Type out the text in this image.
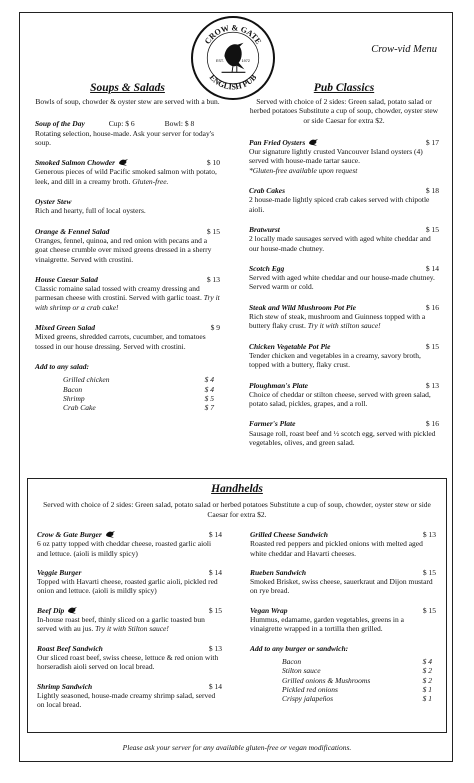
CROW & GATE
ENGLISH PUB
EST.	1972
Crow-vid Menu
Soups & Salads
Bowls of soup, chowder & oyster stew are served with a bun.
Soup of the Day	Cup: $ 6	Bowl: $ 8
Rotating selection, house-made. Ask your server for today's soup.
Smoked Salmon Chowder	$ 10
Generous pieces of wild Pacific smoked salmon with potato, leek, and dill in a creamy broth. Gluten-free.
Oyster Stew
Rich and hearty, full of local oysters.
Orange & Fennel Salad	$ 15
Oranges, fennel, quinoa, and red onion with pecans and a goat cheese crumble over mixed greens dressed in a sherry vinaigrette. Served with crostini.
House Caesar Salad	$ 13
Classic romaine salad tossed with creamy dressing and parmesan cheese with crostini. Served with garlic toast. Try it with shrimp or a crab cake!
Mixed Green Salad	$ 9
Mixed greens, shredded carrots, cucumber, and tomatoes tossed in our house dressing. Served with crostini.
Add to any salad:
Grilled chicken	$ 4
Bacon	$ 4
Shrimp	$ 5
Crab Cake	$ 7
Pub Classics
Served with choice of 2 sides: Green salad, potato salad or herbed potatoes Substitute a cup of soup, chowder, oyster stew or side Caesar for extra $2.
Pan Fried Oysters	$ 17
Our signature lightly crusted Vancouver Island oysters (4) served with house-made tartar sauce.
*Gluten-free available upon request
Crab Cakes	$ 18
2 house-made lightly spiced crab cakes served with chipotle aioli.
Bratwurst	$ 15
2 locally made sausages served with aged white cheddar and our house-made chutney.
Scotch Egg	$ 14
Served with aged white cheddar and our house-made chutney. Served warm or cold.
Steak and Wild Mushroom Pot Pie	$ 16
Rich stew of steak, mushroom and Guinness topped with a buttery flaky crust. Try it with stilton sauce!
Chicken Vegetable Pot Pie	$ 15
Tender chicken and vegetables in a creamy, savory broth, topped with a buttery, flaky crust.
Ploughman's Plate	$ 13
Choice of cheddar or stilton cheese, served with green salad, potato salad, pickles, grapes, and a roll.
Farmer's Plate	$ 16
Sausage roll, roast beef and ½ scotch egg, served with pickled vegetables, olives, and green salad.
Handhelds
Served with choice of 2 sides: Green salad, potato salad or herbed potatoes Substitute a cup of soup, chowder, oyster stew or side Caesar for extra $2.
Crow & Gate Burger	$ 14
6 oz patty topped with cheddar cheese, roasted garlic aioli and lettuce. (aioli is mildly spicy)
Veggie Burger	$ 14
Topped with Havarti cheese, roasted garlic aioli, pickled red onion and lettuce. (aioli is mildly spicy)
Beef Dip	$ 15
In-house roast beef, thinly sliced on a garlic toasted bun served with au jus. Try it with Stilton sauce!
Roast Beef Sandwich	$ 13
Our sliced roast beef, swiss cheese, lettuce & red onion with horseradish aioli served on local bread.
Shrimp Sandwich	$ 14
Lightly seasoned, house-made creamy shrimp salad, served on local bread.
Grilled Cheese Sandwich	$ 13
Roasted red peppers and pickled onions with melted aged white cheddar and Havarti cheeses.
Rueben Sandwich	$ 15
Smoked Brisket, swiss cheese, sauerkraut and Dijon mustard on rye bread.
Vegan Wrap	$ 15
Hummus, edamame, garden vegetables, greens in a vinaigrette wrapped in a tortilla then grilled.
Add to any burger or sandwich:
Bacon	$ 4
Stilton sauce	$ 2
Grilled onions & Mushrooms	$ 2
Pickled red onions	$ 1
Crispy jalapeños	$ 1
Please ask your server for any available gluten-free or vegan modifications.
